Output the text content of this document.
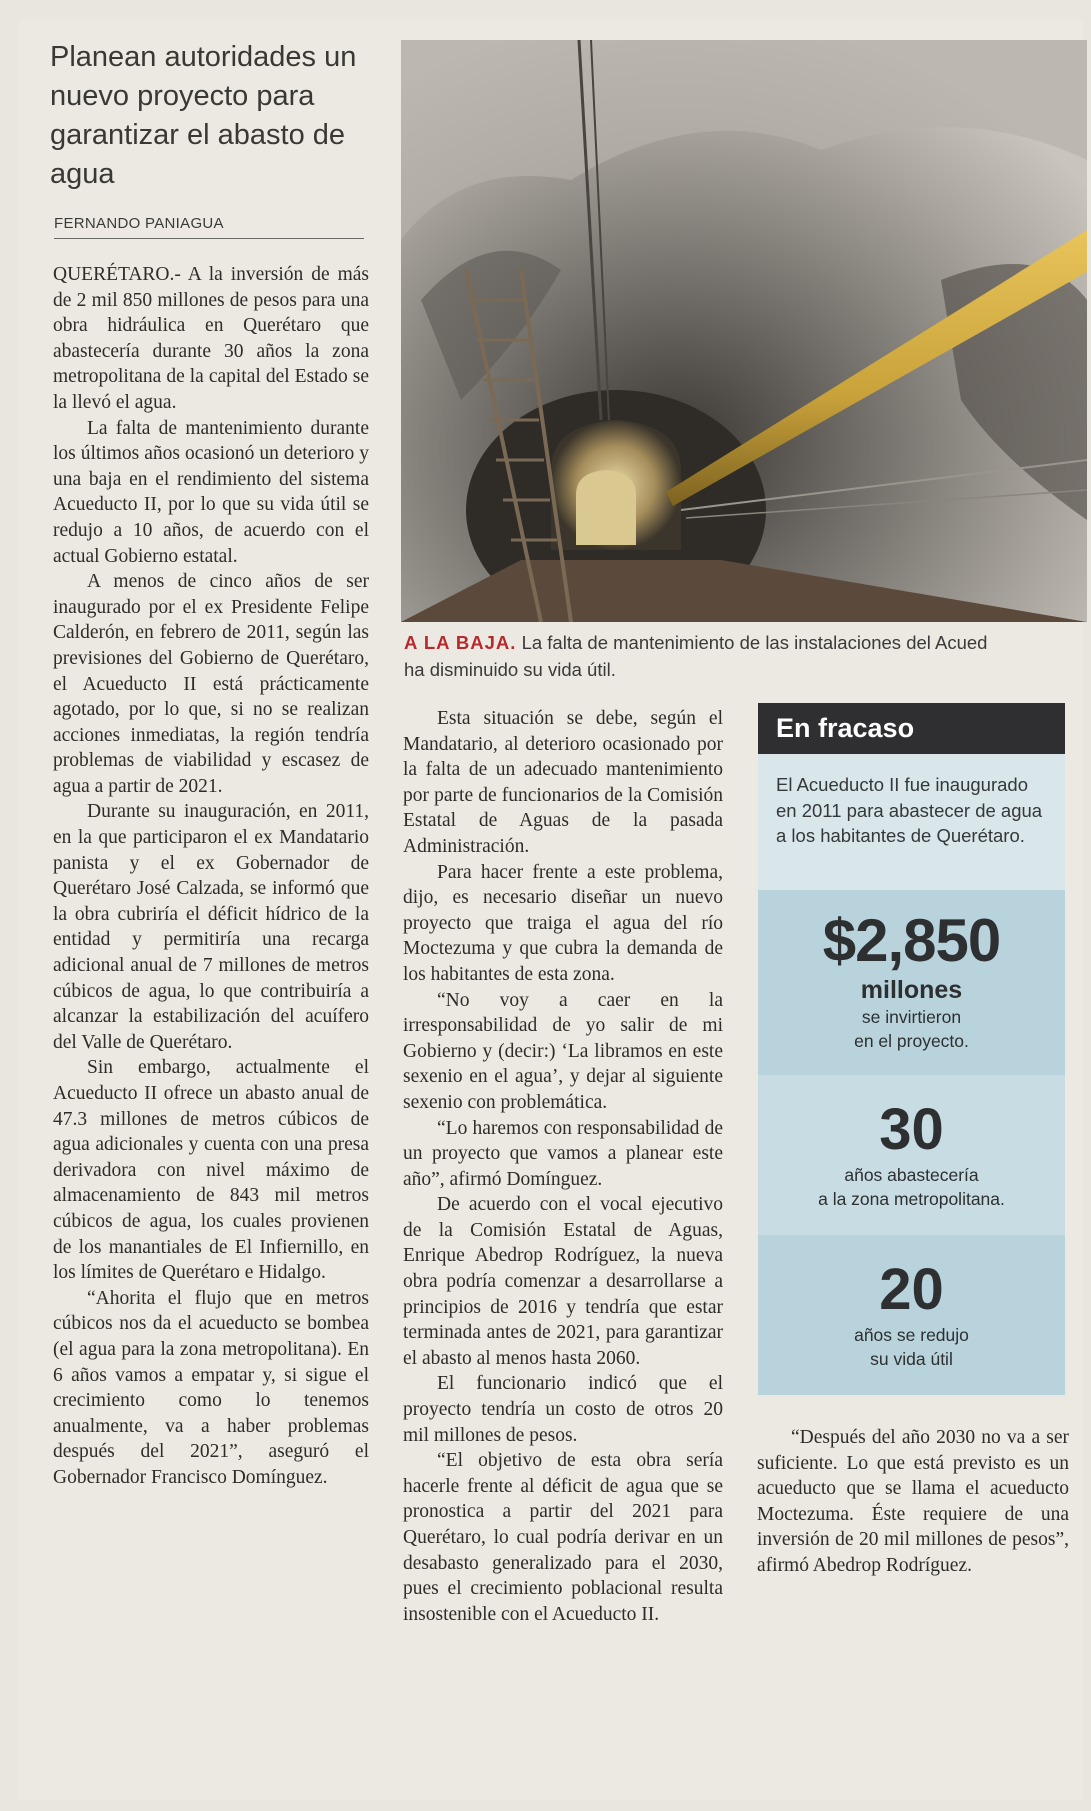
Planean autoridades un nuevo proyecto para garantizar el abasto de agua
FERNANDO PANIAGUA

QUERÉTARO.- A la inversión de más de 2 mil 850 millones de pesos para una obra hidráulica en Querétaro que abastecería durante 30 años la zona metropolitana de la capital del Estado se la llevó el agua.

La falta de mantenimiento durante los últimos años ocasionó un deterioro y una baja en el rendimiento del sistema Acueducto II, por lo que su vida útil se redujo a 10 años, de acuerdo con el actual Gobierno estatal.

A menos de cinco años de ser inaugurado por el ex Presidente Felipe Calderón, en febrero de 2011, según las previsiones del Gobierno de Querétaro, el Acueducto II está prácticamente agotado, por lo que, si no se realizan acciones inmediatas, la región tendría problemas de viabilidad y escasez de agua a partir de 2021.

Durante su inauguración, en 2011, en la que participaron el ex Mandatario panista y el ex Gobernador de Querétaro José Calzada, se informó que la obra cubriría el déficit hídrico de la entidad y permitiría una recarga adicional anual de 7 millones de metros cúbicos de agua, lo que contribuiría a alcanzar la estabilización del acuífero del Valle de Querétaro.

Sin embargo, actualmente el Acueducto II ofrece un abasto anual de 47.3 millones de metros cúbicos de agua adicionales y cuenta con una presa derivadora con nivel máximo de almacenamiento de 843 mil metros cúbicos de agua, los cuales provienen de los manantiales de El Infiernillo, en los límites de Querétaro e Hidalgo.

“Ahorita el flujo que en metros cúbicos nos da el acueducto se bombea (el agua para la zona metropolitana). En 6 años vamos a empatar y, si sigue el crecimiento como lo tenemos anualmente, va a haber problemas después del 2021”, aseguró el Gobernador Francisco Domínguez.

A LA BAJA. La falta de mantenimiento de las instalaciones del Acued
ha disminuido su vida útil.

Esta situación se debe, según el Mandatario, al deterioro ocasionado por la falta de un adecuado mantenimiento por parte de funcionarios de la Comisión Estatal de Aguas de la pasada Administración.

Para hacer frente a este problema, dijo, es necesario diseñar un nuevo proyecto que traiga el agua del río Moctezuma y que cubra la demanda de los habitantes de esta zona.

“No voy a caer en la irresponsabilidad de yo salir de mi Gobierno y (decir:) ‘La libramos en este sexenio en el agua’, y dejar al siguiente sexenio con problemática.

“Lo haremos con responsabilidad de un proyecto que vamos a planear este año”, afirmó Domínguez.

De acuerdo con el vocal ejecutivo de la Comisión Estatal de Aguas, Enrique Abedrop Rodríguez, la nueva obra podría comenzar a desarrollarse a principios de 2016 y tendría que estar terminada antes de 2021, para garantizar el abasto al menos hasta 2060.

El funcionario indicó que el proyecto tendría un costo de otros 20 mil millones de pesos.

“El objetivo de esta obra sería hacerle frente al déficit de agua que se pronostica a partir del 2021 para Querétaro, lo cual podría derivar en un desabasto generalizado para el 2030, pues el crecimiento poblacional resulta insostenible con el Acueducto II.

En fracaso
El Acueducto II fue inaugurado en 2011 para abastecer de agua a los habitantes de Querétaro.
$2,850
millones
se invirtieron
en el proyecto.
30
años abastecería
a la zona metropolitana.
20
años se redujo
su vida útil

“Después del año 2030 no va a ser suficiente. Lo que está previsto es un acueducto que se llama el acueducto Moctezuma. Éste requiere de una inversión de 20 mil millones de pesos”, afirmó Abedrop Rodríguez.
